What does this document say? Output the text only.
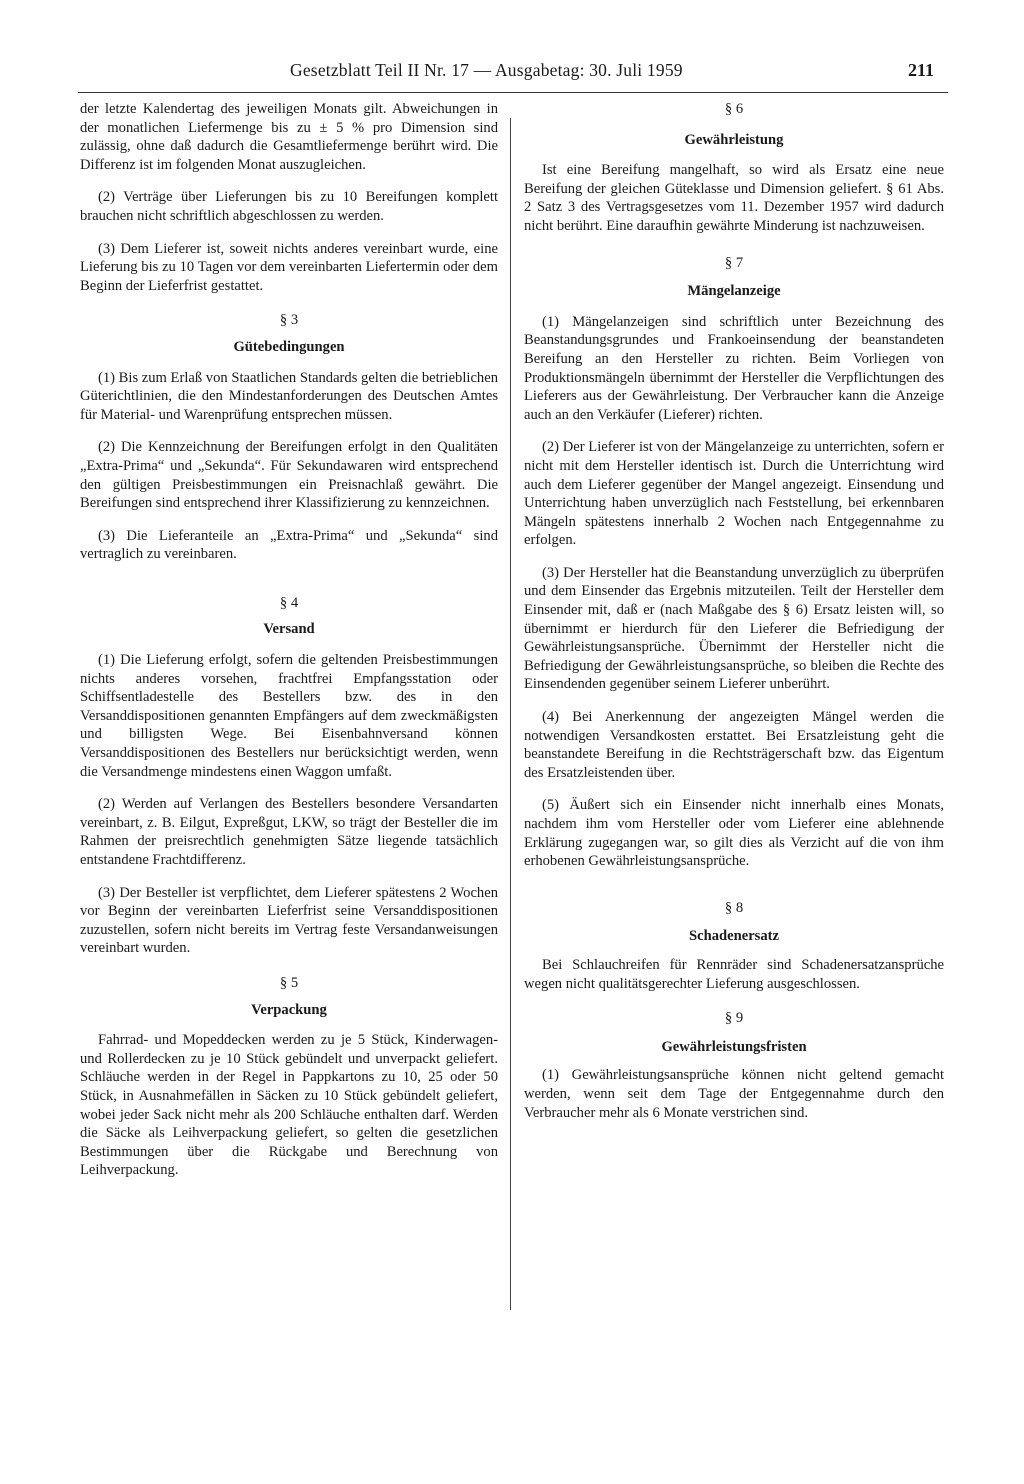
Gesetzblatt Teil II Nr. 17 — Ausgabetag: 30. Juli 1959	211

der letzte Kalendertag des jeweiligen Monats gilt. Abweichungen in der monatlichen Liefermenge bis zu ± 5 % pro Dimension sind zulässig, ohne daß dadurch die Gesamtliefermenge berührt wird. Die Differenz ist im folgenden Monat auszugleichen.

(2) Verträge über Lieferungen bis zu 10 Bereifungen komplett brauchen nicht schriftlich abgeschlossen zu werden.

(3) Dem Lieferer ist, soweit nichts anderes vereinbart wurde, eine Lieferung bis zu 10 Tagen vor dem vereinbarten Liefertermin oder dem Beginn der Lieferfrist gestattet.

§ 3

Gütebedingungen

(1) Bis zum Erlaß von Staatlichen Standards gelten die betrieblichen Güterichtlinien, die den Mindestanforderungen des Deutschen Amtes für Material- und Warenprüfung entsprechen müssen.

(2) Die Kennzeichnung der Bereifungen erfolgt in den Qualitäten „Extra-Prima“ und „Sekunda“. Für Sekundawaren wird entsprechend den gültigen Preisbestimmungen ein Preisnachlaß gewährt. Die Bereifungen sind entsprechend ihrer Klassifizierung zu kennzeichnen.

(3) Die Lieferanteile an „Extra-Prima“ und „Sekunda“ sind vertraglich zu vereinbaren.

§ 4

Versand

(1) Die Lieferung erfolgt, sofern die geltenden Preisbestimmungen nichts anderes vorsehen, frachtfrei Empfangsstation oder Schiffsentladestelle des Bestellers bzw. des in den Versanddispositionen genannten Empfängers auf dem zweckmäßigsten und billigsten Wege. Bei Eisenbahnversand können Versanddispositionen des Bestellers nur berücksichtigt werden, wenn die Versandmenge mindestens einen Waggon umfaßt.

(2) Werden auf Verlangen des Bestellers besondere Versandarten vereinbart, z. B. Eilgut, Expreßgut, LKW, so trägt der Besteller die im Rahmen der preisrechtlich genehmigten Sätze liegende tatsächlich entstandene Frachtdifferenz.

(3) Der Besteller ist verpflichtet, dem Lieferer spätestens 2 Wochen vor Beginn der vereinbarten Lieferfrist seine Versanddispositionen zuzustellen, sofern nicht bereits im Vertrag feste Versandanweisungen vereinbart wurden.

§ 5

Verpackung

Fahrrad- und Mopeddecken werden zu je 5 Stück, Kinderwagen- und Rollerdecken zu je 10 Stück gebündelt und unverpackt geliefert. Schläuche werden in der Regel in Pappkartons zu 10, 25 oder 50 Stück, in Ausnahmefällen in Säcken zu 10 Stück gebündelt geliefert, wobei jeder Sack nicht mehr als 200 Schläuche enthalten darf. Werden die Säcke als Leihverpackung geliefert, so gelten die gesetzlichen Bestimmungen über die Rückgabe und Berechnung von Leihverpackung.

§ 6

Gewährleistung

Ist eine Bereifung mangelhaft, so wird als Ersatz eine neue Bereifung der gleichen Güteklasse und Dimension geliefert. § 61 Abs. 2 Satz 3 des Vertragsgesetzes vom 11. Dezember 1957 wird dadurch nicht berührt. Eine daraufhin gewährte Minderung ist nachzuweisen.

§ 7

Mängelanzeige

(1) Mängelanzeigen sind schriftlich unter Bezeichnung des Beanstandungsgrundes und Frankoeinsendung der beanstandeten Bereifung an den Hersteller zu richten. Beim Vorliegen von Produktionsmängeln übernimmt der Hersteller die Verpflichtungen des Lieferers aus der Gewährleistung. Der Verbraucher kann die Anzeige auch an den Verkäufer (Lieferer) richten.

(2) Der Lieferer ist von der Mängelanzeige zu unterrichten, sofern er nicht mit dem Hersteller identisch ist. Durch die Unterrichtung wird auch dem Lieferer gegenüber der Mangel angezeigt. Einsendung und Unterrichtung haben unverzüglich nach Feststellung, bei erkennbaren Mängeln spätestens innerhalb 2 Wochen nach Entgegennahme zu erfolgen.

(3) Der Hersteller hat die Beanstandung unverzüglich zu überprüfen und dem Einsender das Ergebnis mitzuteilen. Teilt der Hersteller dem Einsender mit, daß er (nach Maßgabe des § 6) Ersatz leisten will, so übernimmt er hierdurch für den Lieferer die Befriedigung der Gewährleistungsansprüche. Übernimmt der Hersteller nicht die Befriedigung der Gewährleistungsansprüche, so bleiben die Rechte des Einsendenden gegenüber seinem Lieferer unberührt.

(4) Bei Anerkennung der angezeigten Mängel werden die notwendigen Versandkosten erstattet. Bei Ersatzleistung geht die beanstandete Bereifung in die Rechtsträgerschaft bzw. das Eigentum des Ersatzleistenden über.

(5) Äußert sich ein Einsender nicht innerhalb eines Monats, nachdem ihm vom Hersteller oder vom Lieferer eine ablehnende Erklärung zugegangen war, so gilt dies als Verzicht auf die von ihm erhobenen Gewährleistungsansprüche.

§ 8

Schadenersatz

Bei Schlauchreifen für Rennräder sind Schadenersatzansprüche wegen nicht qualitätsgerechter Lieferung ausgeschlossen.

§ 9

Gewährleistungsfristen

(1) Gewährleistungsansprüche können nicht geltend gemacht werden, wenn seit dem Tage der Entgegennahme durch den Verbraucher mehr als 6 Monate verstrichen sind.
